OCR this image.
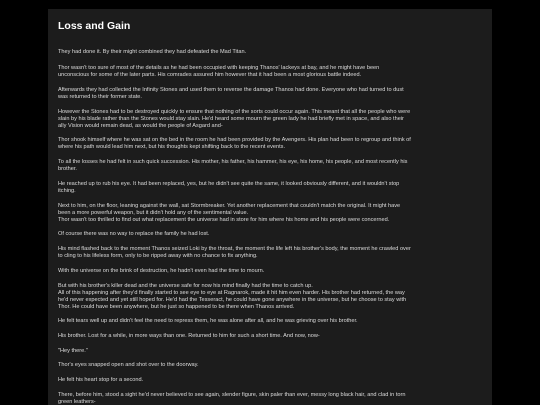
Loss and Gain

They had done it. By their might combined they had defeated the Mad Titan.

Thor wasn't too sure of most of the details as he had been occupied with keeping Thanos' lackeys at bay, and he might have been
unconscious for some of the later parts. His comrades assured him however that it had been a most glorious battle indeed.

Afterwards they had collected the Infinity Stones and used them to reverse the damage Thanos had done. Everyone who had turned to dust
was returned to their former state.

However the Stones had to be destroyed quickly to ensure that nothing of the sorts could occur again. This meant that all the people who were
slain by his blade rather than the Stones would stay slain. He'd heard some mourn the green lady he had briefly met in space, and also their
ally Vision would remain dead, as would the people of Asgard and-

Thor shook himself where he was sat on the bed in the room he had been provided by the Avengers. His plan had been to regroup and think of
where his path would lead him next, but his thoughts kept shifting back to the recent events.

To all the losses he had felt in such quick succession. His mother, his father, his hammer, his eye, his home, his people, and most recently his
brother.

He reached up to rub his eye. It had been replaced, yes, but he didn't see quite the same, it looked obviously different, and it wouldn't stop
itching.

Next to him, on the floor, leaning against the wall, sat Stormbreaker. Yet another replacement that couldn't match the original. It might have
been a more powerful weapon, but it didn't hold any of the sentimental value.
Thor wasn't too thrilled to find out what replacement the universe had in store for him where his home and his people were concerned.

Of course there was no way to replace the family he had lost.

His mind flashed back to the moment Thanos seized Loki by the throat, the moment the life left his brother's body, the moment he crawled over
to cling to his lifeless form, only to be ripped away with no chance to fix anything.

With the universe on the brink of destruction, he hadn't even had the time to mourn.

But with his brother's killer dead and the universe safe for now his mind finally had the time to catch up.
All of this happening after they'd finally started to see eye to eye at Ragnarok, made it hit him even harder. His brother had returned, the way
he'd never expected and yet still hoped for. He'd had the Tesseract, he could have gone anywhere in the universe, but he choose to stay with
Thor. He could have been anywhere, but he just so happened to be there when Thanos arrived.

He felt tears well up and didn't feel the need to repress them, he was alone after all, and he was grieving over his brother.

His brother. Lost for a while, in more ways than one. Returned to him for such a short time. And now, now-

"Hey there."

Thor's eyes snapped open and shot over to the doorway.

He felt his heart stop for a second.

There, before him, stood a sight he'd never believed to see again, slender figure, skin paler than ever, messy long black hair, and clad in torn
green leathers-
